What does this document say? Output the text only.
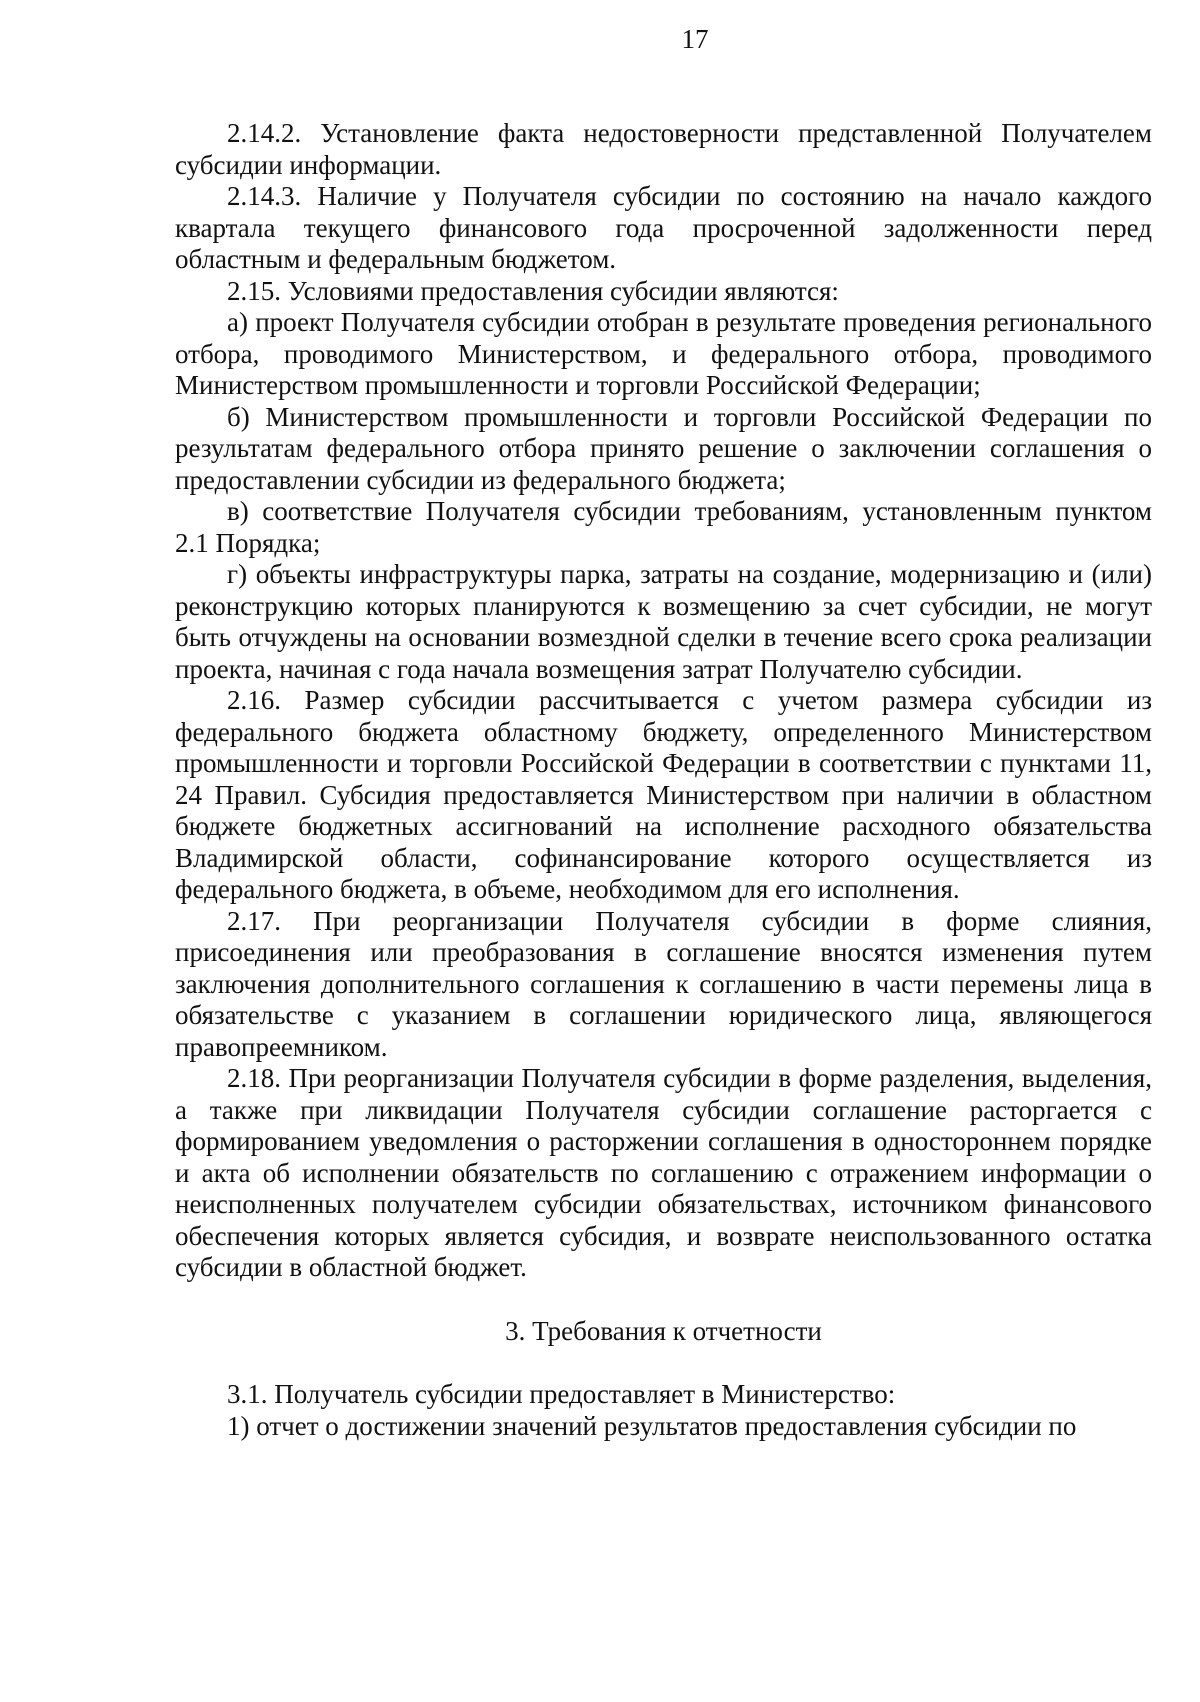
17

2.14.2. Установление факта недостоверности представленной Получателем субсидии информации.

2.14.3. Наличие у Получателя субсидии по состоянию на начало каждого квартала текущего финансового года просроченной задолженности перед областным и федеральным бюджетом.

2.15. Условиями предоставления субсидии являются:

а) проект Получателя субсидии отобран в результате проведения регионального отбора, проводимого Министерством, и федерального отбора, проводимого Министерством промышленности и торговли Российской Федерации;

б) Министерством промышленности и торговли Российской Федерации по результатам федерального отбора принято решение о заключении соглашения о предоставлении субсидии из федерального бюджета;

в) соответствие Получателя субсидии требованиям, установленным пунктом 2.1 Порядка;

г) объекты инфраструктуры парка, затраты на создание, модернизацию и (или) реконструкцию которых планируются к возмещению за счет субсидии, не могут быть отчуждены на основании возмездной сделки в течение всего срока реализации проекта, начиная с года начала возмещения затрат Получателю субсидии.

2.16. Размер субсидии рассчитывается с учетом размера субсидии из федерального бюджета областному бюджету, определенного Министерством промышленности и торговли Российской Федерации в соответствии с пунктами 11, 24 Правил. Субсидия предоставляется Министерством при наличии в областном бюджете бюджетных ассигнований на исполнение расходного обязательства Владимирской области, софинансирование которого осуществляется из федерального бюджета, в объеме, необходимом для его исполнения.

2.17. При реорганизации Получателя субсидии в форме слияния, присоединения или преобразования в соглашение вносятся изменения путем заключения дополнительного соглашения к соглашению в части перемены лица в обязательстве с указанием в соглашении юридического лица, являющегося правопреемником.

2.18. При реорганизации Получателя субсидии в форме разделения, выделения, а также при ликвидации Получателя субсидии соглашение расторгается с формированием уведомления о расторжении соглашения в одностороннем порядке и акта об исполнении обязательств по соглашению с отражением информации о неисполненных получателем субсидии обязательствах, источником финансового обеспечения которых является субсидия, и возврате неиспользованного остатка субсидии в областной бюджет.

3. Требования к отчетности

3.1. Получатель субсидии предоставляет в Министерство:

1) отчет о достижении значений результатов предоставления субсидии по
